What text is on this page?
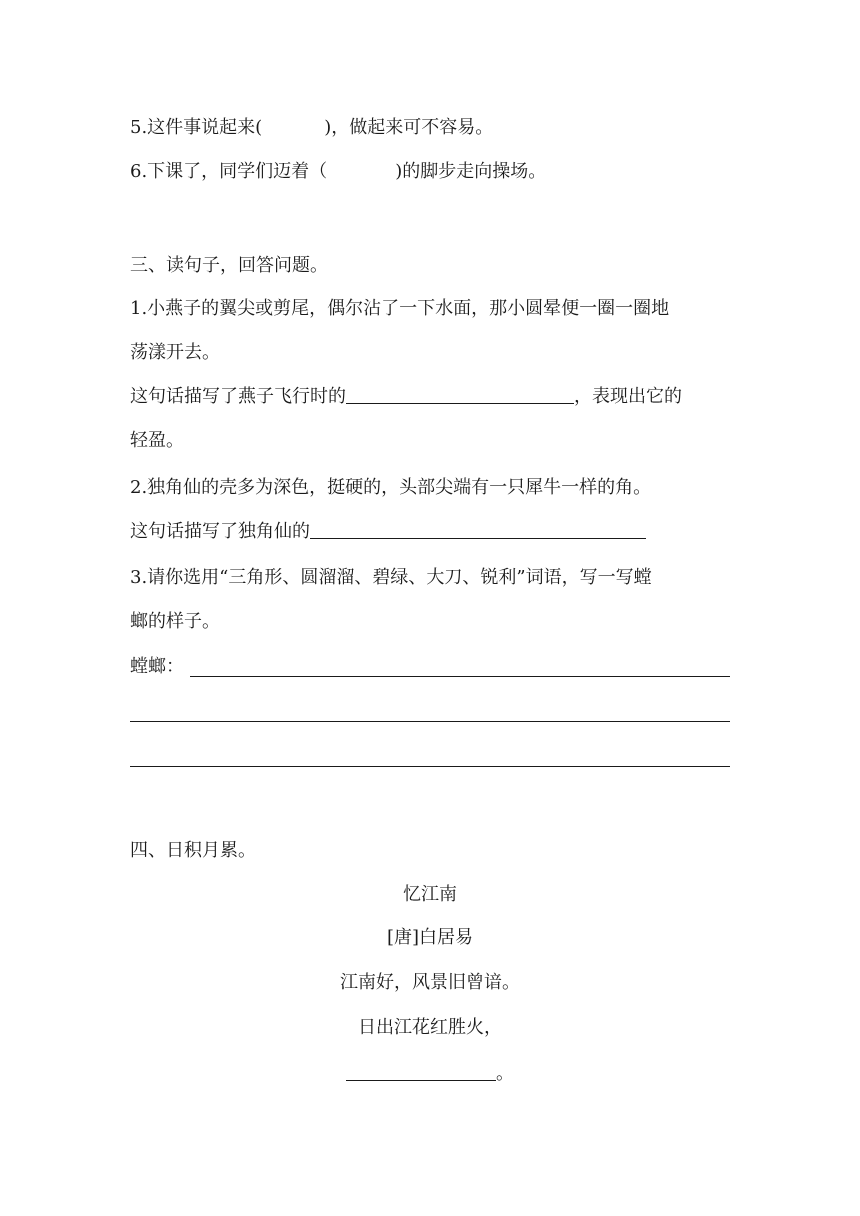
5.这件事说起来(	)，做起来可不容易。
6.下课了，同学们迈着（	)的脚步走向操场。
三、读句子，回答问题。
1.小燕子的翼尖或剪尾，偶尔沾了一下水面，那小圆晕便一圈一圈地
荡漾开去。
这句话描写了燕子飞行时的	，表现出它的
轻盈。
2.独角仙的壳多为深色，挺硬的，头部尖端有一只犀牛一样的角。
这句话描写了独角仙的
3.请你选用“三角形、圆溜溜、碧绿、大刀、锐利”词语，写一写螳
螂的样子。
螳螂：
四、日积月累。
忆江南
[唐]白居易
江南好，风景旧曾谙。
日出江花红胜火，
。
